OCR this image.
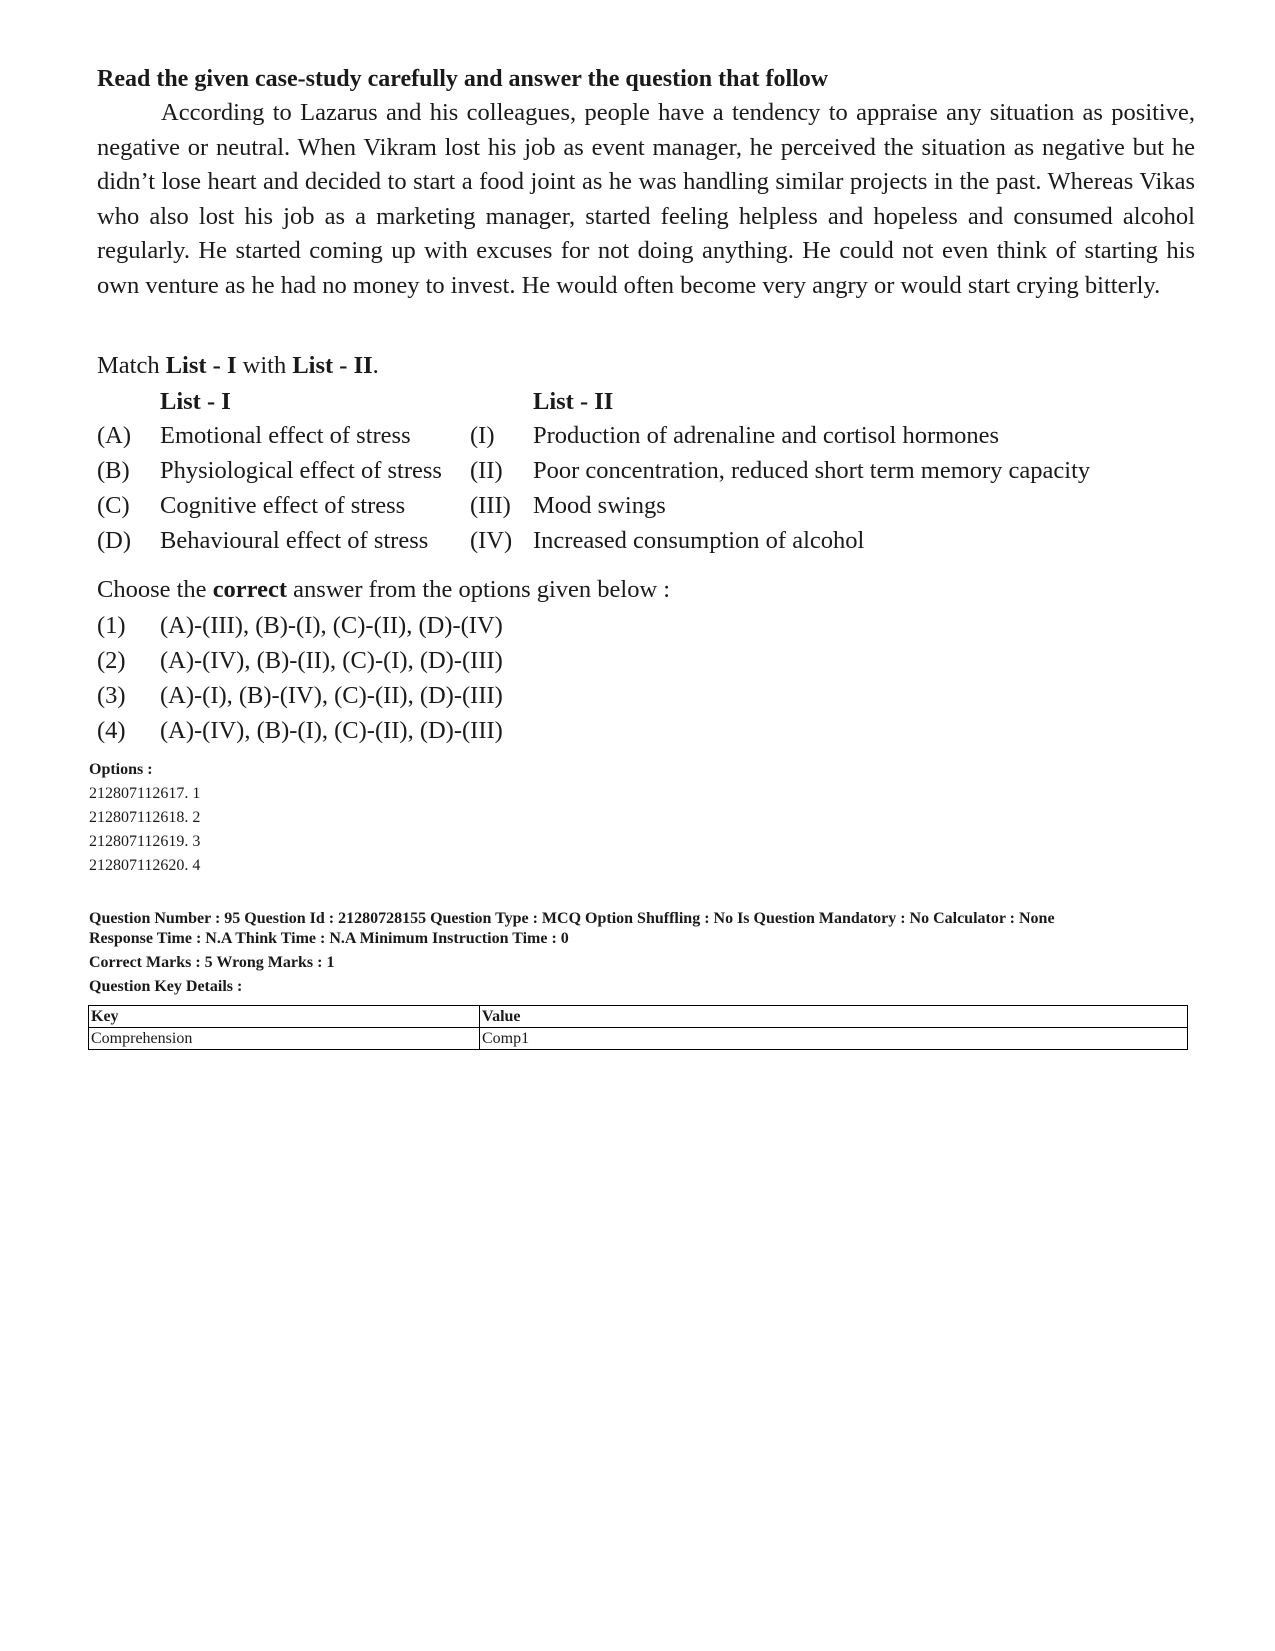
Read the given case-study carefully and answer the question that follow

According to Lazarus and his colleagues, people have a tendency to appraise any situation as positive, negative or neutral. When Vikram lost his job as event manager, he perceived the situation as negative but he didn’t lose heart and decided to start a food joint as he was handling similar projects in the past. Whereas Vikas who also lost his job as a marketing manager, started feeling helpless and hopeless and consumed alcohol regularly. He started coming up with excuses for not doing anything. He could not even think of starting his own venture as he had no money to invest. He would often become very angry or would start crying bitterly.

Match List - I with List - II.

List - I	List - II
(A) Emotional effect of stress (I) Production of adrenaline and cortisol hormones
(B) Physiological effect of stress (II) Poor concentration, reduced short term memory capacity
(C) Cognitive effect of stress	(III) Mood swings
(D) Behavioural effect of stress (IV) Increased consumption of alcohol

Choose the correct answer from the options given below :

(1) (A)-(III), (B)-(I), (C)-(II), (D)-(IV)
(2) (A)-(IV), (B)-(II), (C)-(I), (D)-(III)
(3) (A)-(I), (B)-(IV), (C)-(II), (D)-(III)
(4) (A)-(IV), (B)-(I), (C)-(II), (D)-(III)
Options :
212807112617. 1
212807112618. 2
212807112619. 3
212807112620. 4
Question Number : 95 Question Id : 21280728155 Question Type : MCQ Option Shuffling : No Is Question Mandatory : No Calculator : None
Response Time : N.A Think Time : N.A Minimum Instruction Time : 0
Correct Marks : 5 Wrong Marks : 1
Question Key Details :
Key	Value
Comprehension	Comp1
